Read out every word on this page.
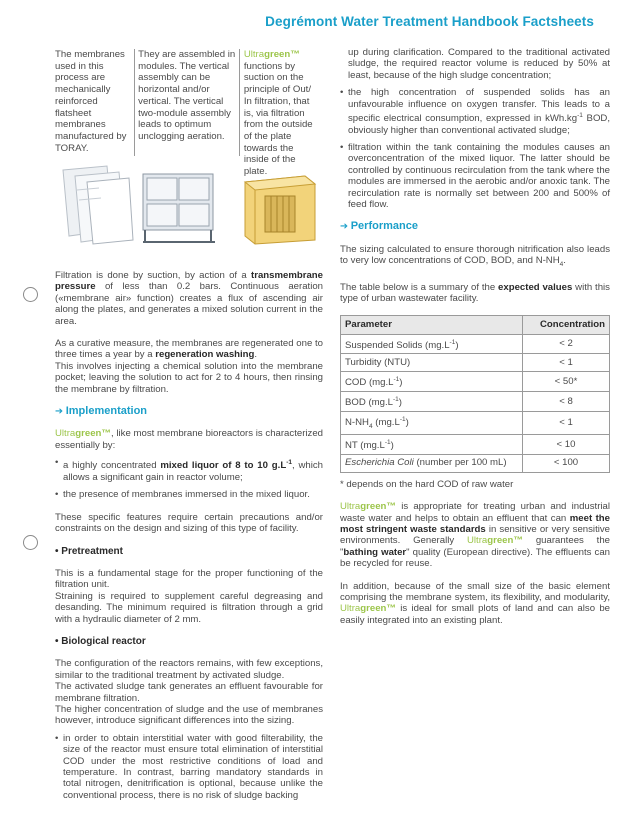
Degrémont Water Treatment Handbook Factsheets
The membranes used in this process are mechanically reinforced flatsheet membranes manufactured by TORAY.
They are assembled in modules. The vertical assembly can be horizontal and/or vertical. The vertical two-module assembly leads to optimum unclogging aeration.
Ultragreen™ functions by suction on the principle of Out/ In filtration, that is, via filtration from the outside of the plate towards the inside of the plate.

Filtration is done by suction, by action of a transmembrane pressure of less than 0.2 bars. Continuous aeration («membrane air» function) creates a flux of ascending air along the plates, and generates a mixed solution current in the area.

As a curative measure, the membranes are regenerated one to three times a year by a regeneration washing.

This involves injecting a chemical solution into the membrane pocket; leaving the solution to act for 2 to 4 hours, then rinsing the membrane by filtration.

➔ Implementation

Ultragreen™, like most membrane bioreactors is characterized essentially by:

• a highly concentrated mixed liquor of 8 to 10 $g.L^{-1}$, which allows a significant gain in reactor volume;
• the presence of membranes immersed in the mixed liquor.

These specific features require certain precautions and/or constraints on the design and sizing of this type of facility.

• Pretreatment

This is a fundamental stage for the proper functioning of the filtration unit.

Straining is required to supplement careful degreasing and desanding. The minimum required is filtration through a grid with a hydraulic diameter of 2 mm.

• Biological reactor

The configuration of the reactors remains, with few exceptions, similar to the traditional treatment by activated sludge.

The activated sludge tank generates an effluent favourable for membrane filtration.

The higher concentration of sludge and the use of membranes however, introduce significant differences into the sizing.

• in order to obtain interstitial water with good filterability, the size of the reactor must ensure total elimination of interstitial COD under the most restrictive conditions of load and temperature. In contrast, barring mandatory standards in total nitrogen, denitrification is optional, because unlike the conventional process, there is no risk of sludge backing
up during clarification. Compared to the traditional activated sludge, the required reactor volume is reduced by 50% at least, because of the high sludge concentration;
• the high concentration of suspended solids has an unfavourable influence on oxygen transfer. This leads to a specific electrical consumption, expressed in $kWh.kg^{-1}$ BOD, obviously higher than conventional activated sludge;
• filtration within the tank containing the modules causes an overconcentration of the mixed liquor. The latter should be controlled by continuous recirculation from the tank where the modules are immersed in the aerobic and/or anoxic tank. The recirculation rate is normally set between 200 and 500% of feed flow.
➔ Performance

The sizing calculated to ensure thorough nitrification also leads to very low concentrations of COD, BOD, and $N-NH_4$.

The table below is a summary of the expected values with this type of urban wastewater facility.

Parameter	Concentration
Suspended Solids $(mg.L^{-1})$	< 2
Turbidity (NTU)	< 1
COD $(mg.L^{-1})$	< 50*
BOD $(mg.L^{-1})$	< 8
$N-NH_4$ $(mg.L^{-1})$	< 1
NT $(mg.L^{-1})$	< 10
Escherichia Coli (number per 100 mL)	< 100

* depends on the hard COD of raw water

Ultragreen™ is appropriate for treating urban and industrial waste water and helps to obtain an effluent that can meet the most stringent waste standards in sensitive or very sensitive environments. Generally Ultragreen™ guarantees the "bathing water" quality (European directive). The effluents can be recycled for reuse.

In addition, because of the small size of the basic element comprising the membrane system, its flexibility, and modularity, Ultragreen™ is ideal for small plots of land and can also be easily integrated into an existing plant.
